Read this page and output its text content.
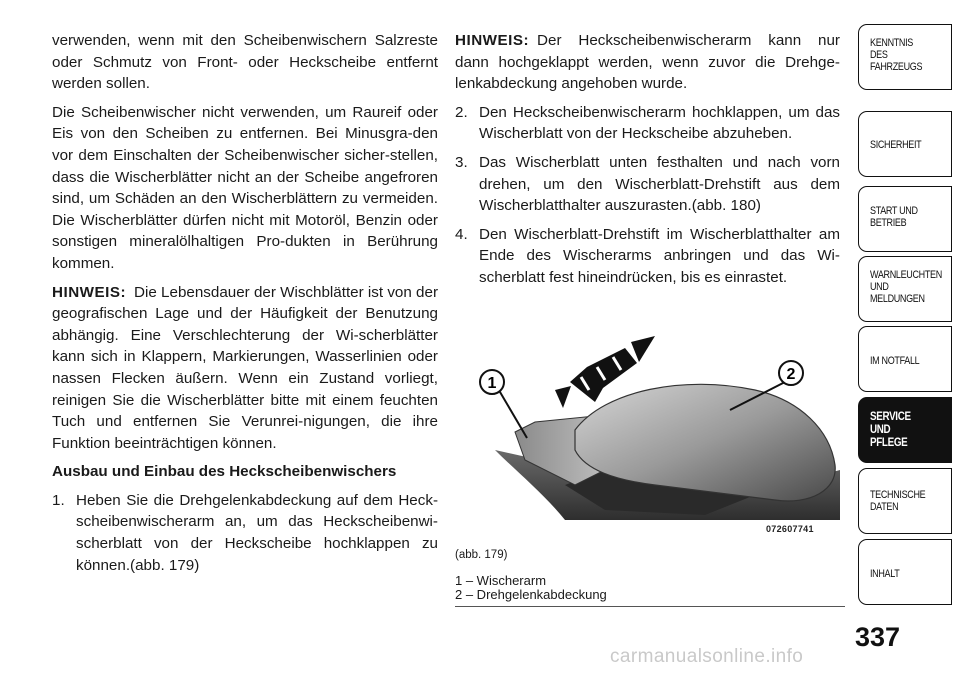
verwenden, wenn mit den Scheibenwischern Salzreste oder Schmutz von Front- oder Heckscheibe entfernt werden sollen.

Die Scheibenwischer nicht verwenden, um Raureif oder Eis von den Scheiben zu entfernen. Bei Minusgra-den vor dem Einschalten der Scheibenwischer sicher-stellen, dass die Wischerblätter nicht an der Scheibe angefroren sind, um Schäden an den Wischerblättern zu vermeiden. Die Wischerblätter dürfen nicht mit Motoröl, Benzin oder sonstigen mineralölhaltigen Pro-dukten in Berührung kommen.

HINWEIS: Die Lebensdauer der Wischblätter ist von der geografischen Lage und der Häufigkeit der Benutzung abhängig. Eine Verschlechterung der Wi-scherblätter kann sich in Klappern, Markierungen, Wasserlinien oder nassen Flecken äußern. Wenn ein Zustand vorliegt, reinigen Sie die Wischerblätter bitte mit einem feuchten Tuch und entfernen Sie Verunrei-nigungen, die ihre Funktion beeinträchtigen können.

Ausbau und Einbau des Heckscheibenwischers
1. Heben Sie die Drehgelenkabdeckung auf dem Heck-scheibenwischerarm an, um das Heckscheibenwi-scherblatt von der Heckscheibe hochklappen zu können.(abb. 179)

HINWEIS: Der Heckscheibenwischerarm kann nur dann hochgeklappt werden, wenn zuvor die Drehge-lenkabdeckung angehoben wurde.

2. Den Heckscheibenwischerarm hochklappen, um das Wischerblatt von der Heckscheibe abzuheben.
3. Das Wischerblatt unten festhalten und nach vorn drehen, um den Wischerblatt-Drehstift aus dem Wischerblatthalter auszurasten.(abb. 180)
4. Den Wischerblatt-Drehstift im Wischerblatthalter am Ende des Wischerarms anbringen und das Wi-scherblatt fest hineindrücken, bis es einrastet.
1
2
072607741
(abb. 179)
1 – Wischerarm
2 – Drehgelenkabdeckung
KENNTNIS
DES
FAHRZEUGS
SICHERHEIT
START UND
BETRIEB
WARNLEUCHTEN
UND
MELDUNGEN
IM NOTFALL
SERVICE
UND
PFLEGE
TECHNISCHE
DATEN
INHALT
337
carmanualsonline.info
